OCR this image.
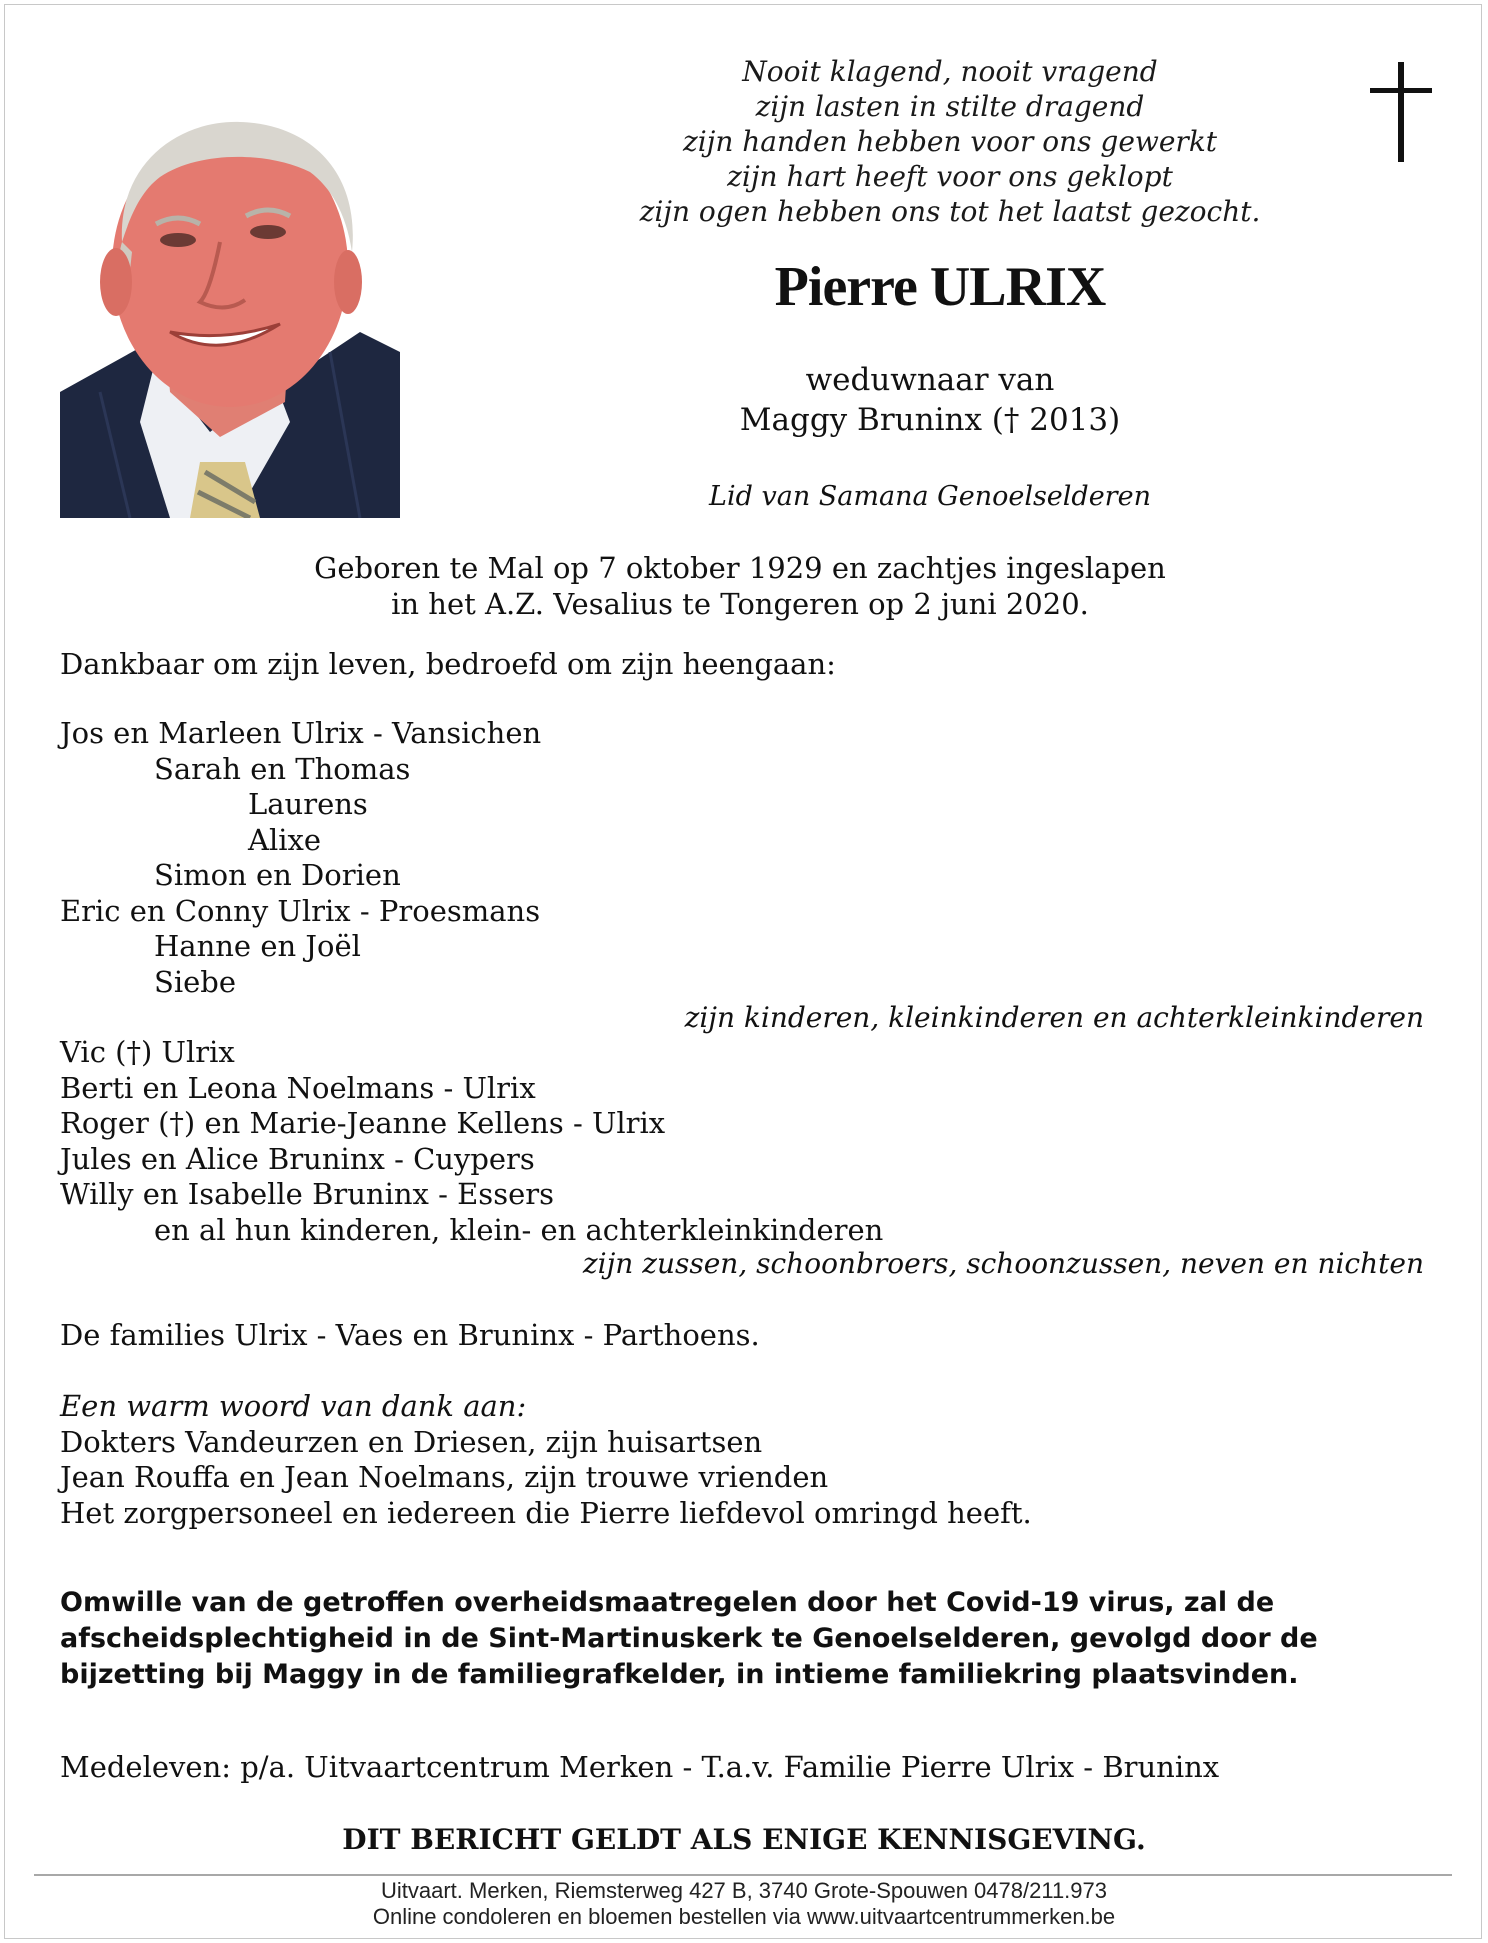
Nooit klagend, nooit vragend
zijn lasten in stilte dragend
zijn handen hebben voor ons gewerkt
zijn hart heeft voor ons geklopt
zijn ogen hebben ons tot het laatst gezocht.
Pierre ULRIX
weduwnaar van
Maggy Bruninx († 2013)
Lid van Samana Genoelselderen
Geboren te Mal op 7 oktober 1929 en zachtjes ingeslapen
in het A.Z. Vesalius te Tongeren op 2 juni 2020.
Dankbaar om zijn leven, bedroefd om zijn heengaan:
Jos en Marleen Ulrix - Vansichen
Sarah en Thomas
Laurens
Alixe
Simon en Dorien
Eric en Conny Ulrix - Proesmans
Hanne en Joël
Siebe
zijn kinderen, kleinkinderen en achterkleinkinderen
Vic (†) Ulrix
Berti en Leona Noelmans - Ulrix
Roger (†) en Marie-Jeanne Kellens - Ulrix
Jules en Alice Bruninx - Cuypers
Willy en Isabelle Bruninx - Essers
en al hun kinderen, klein- en achterkleinkinderen
zijn zussen, schoonbroers, schoonzussen, neven en nichten
De families Ulrix - Vaes en Bruninx - Parthoens.
Een warm woord van dank aan:
Dokters Vandeurzen en Driesen, zijn huisartsen
Jean Rouffa en Jean Noelmans, zijn trouwe vrienden
Het zorgpersoneel en iedereen die Pierre liefdevol omringd heeft.
Omwille van de getroffen overheidsmaatregelen door het Covid-19 virus, zal de
afscheidsplechtigheid in de Sint-Martinuskerk te Genoelselderen, gevolgd door de
bijzetting bij Maggy in de familiegrafkelder, in intieme familiekring plaatsvinden.
Medeleven: p/a. Uitvaartcentrum Merken - T.a.v. Familie Pierre Ulrix - Bruninx
DIT BERICHT GELDT ALS ENIGE KENNISGEVING.
Uitvaart. Merken, Riemsterweg 427 B, 3740 Grote-Spouwen 0478/211.973
Online condoleren en bloemen bestellen via www.uitvaartcentrummerken.be
